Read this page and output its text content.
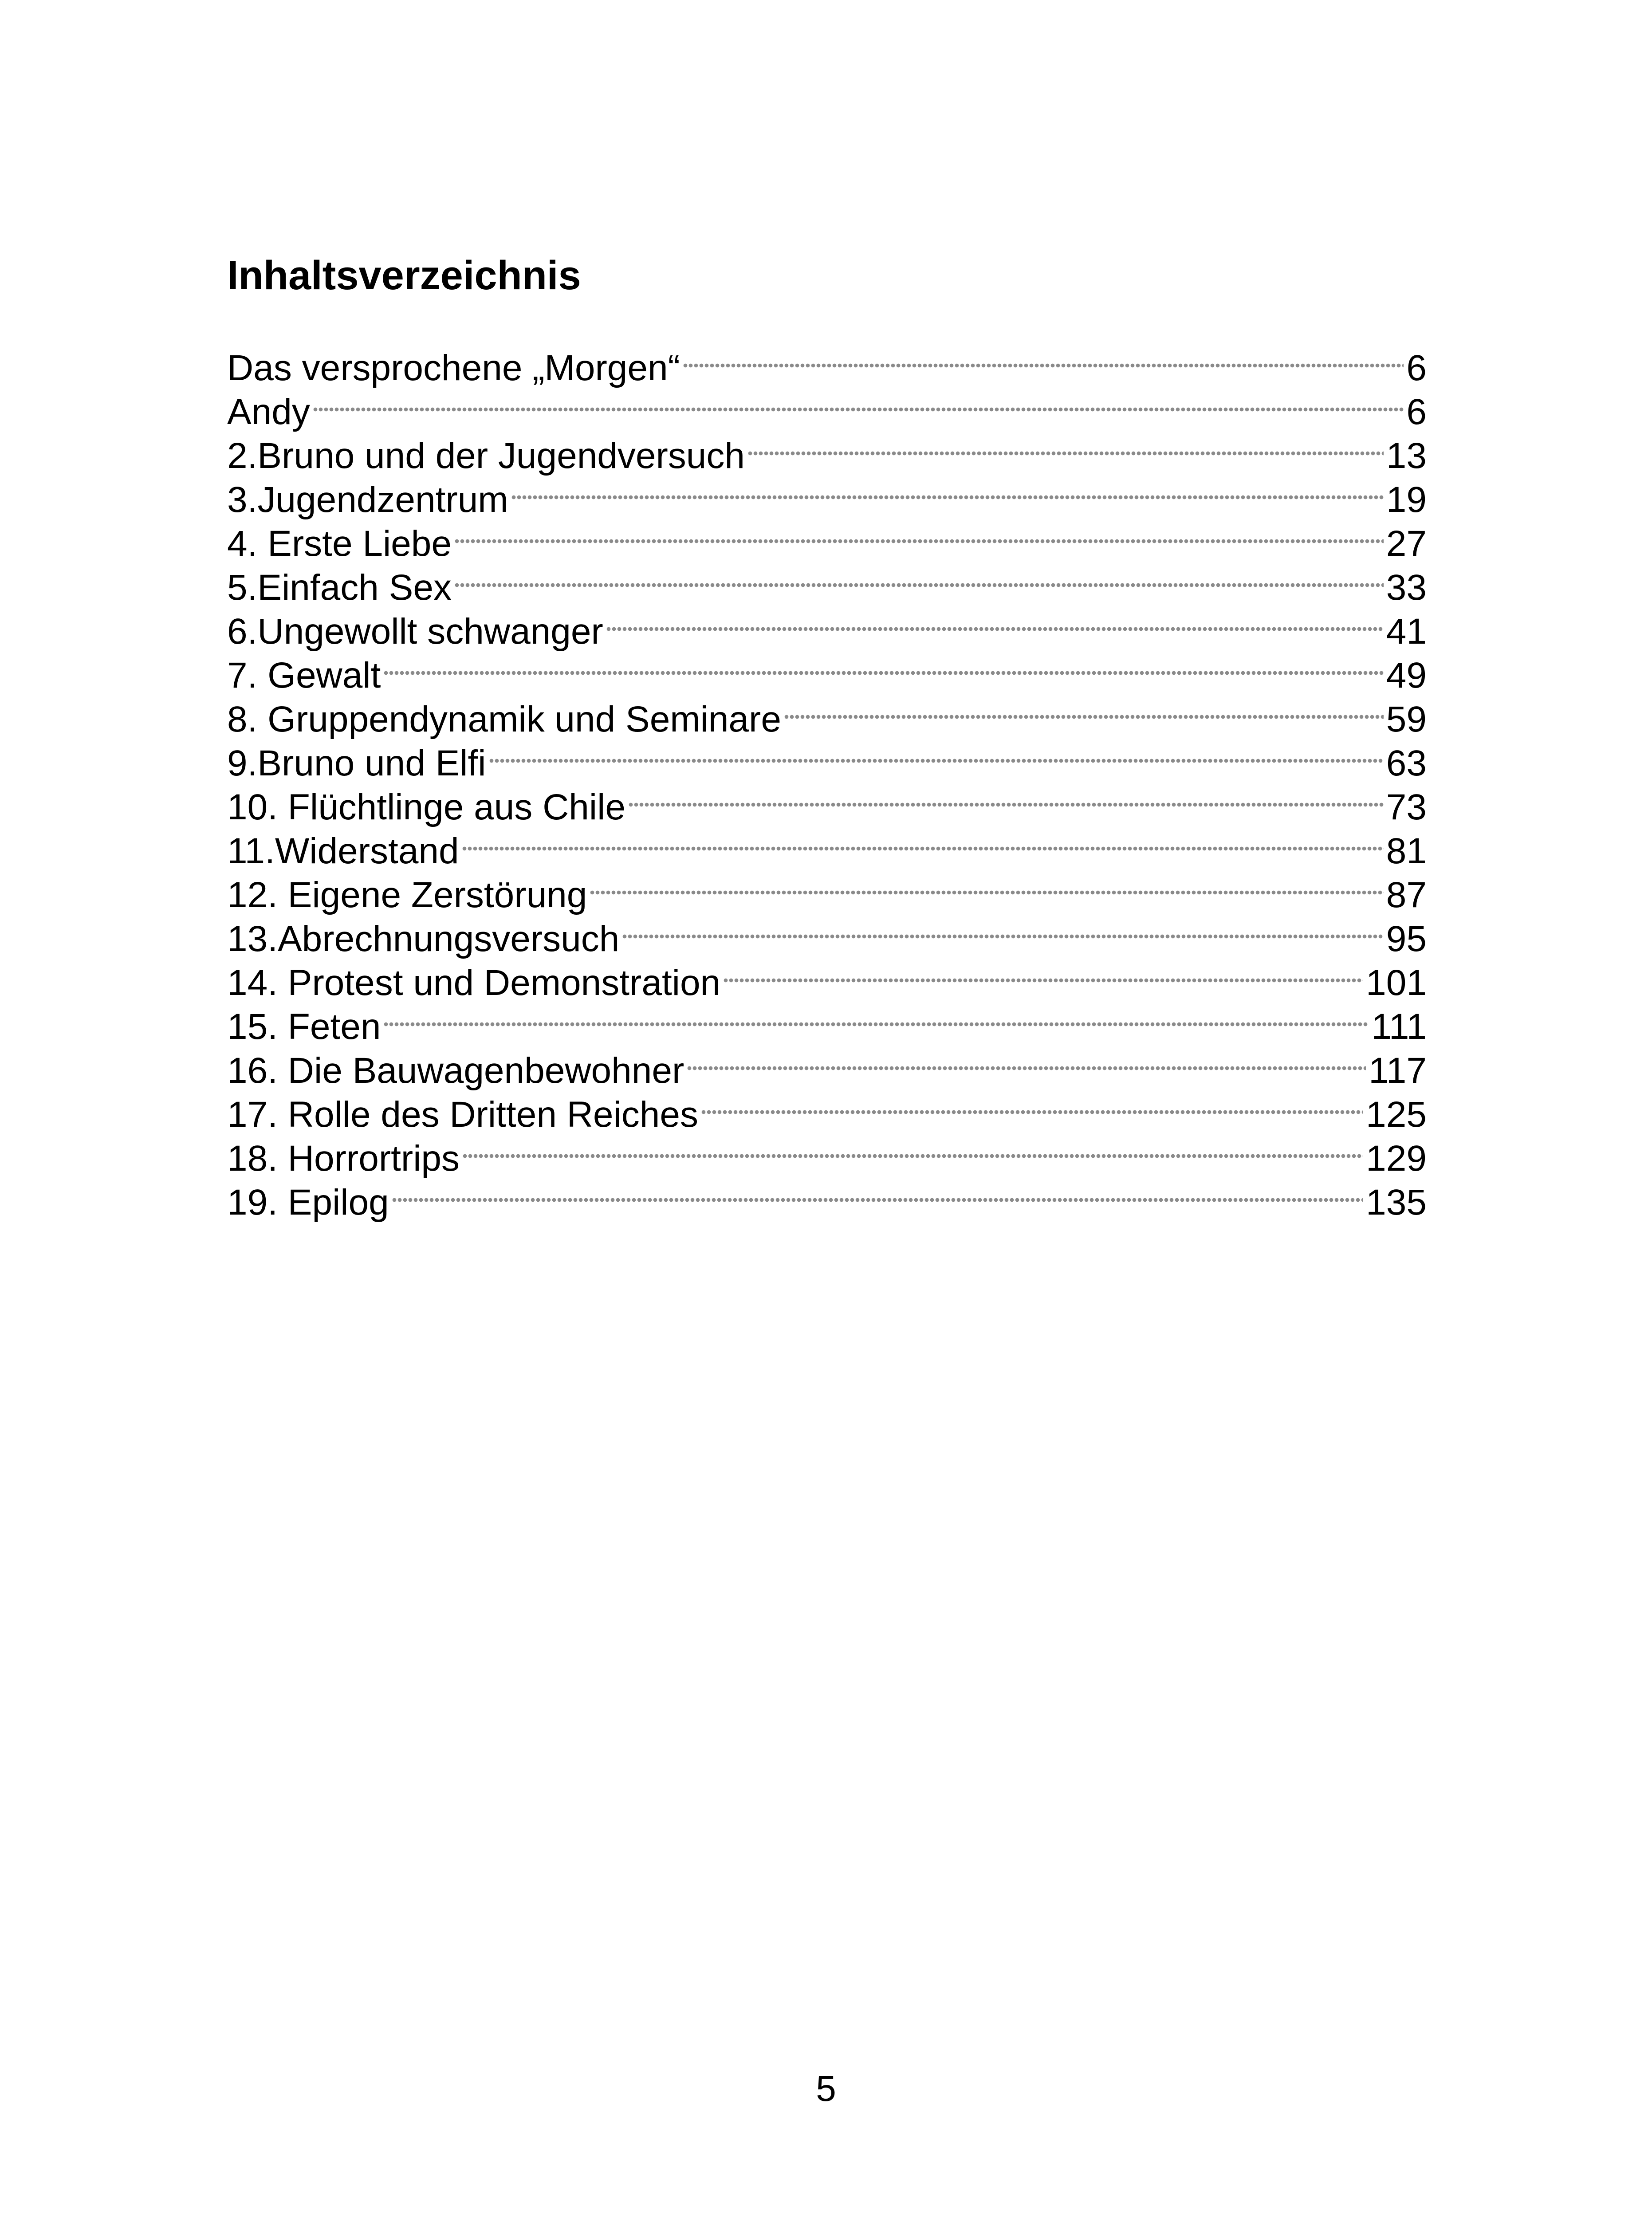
Inhaltsverzeichnis
Das versprochene „Morgen“	6
Andy	6
2.Bruno und der Jugendversuch	13
3.Jugendzentrum	19
4. Erste Liebe	27
5.Einfach Sex	33
6.Ungewollt schwanger	41
7. Gewalt	49
8. Gruppendynamik und Seminare	59
9.Bruno und Elfi	63
10. Flüchtlinge aus Chile	73
11.Widerstand	81
12. Eigene Zerstörung	87
13.Abrechnungsversuch	95
14. Protest und Demonstration	101
15. Feten	111
16. Die Bauwagenbewohner	117
17. Rolle des Dritten Reiches	125
18. Horrortrips	129
19. Epilog	135

5
